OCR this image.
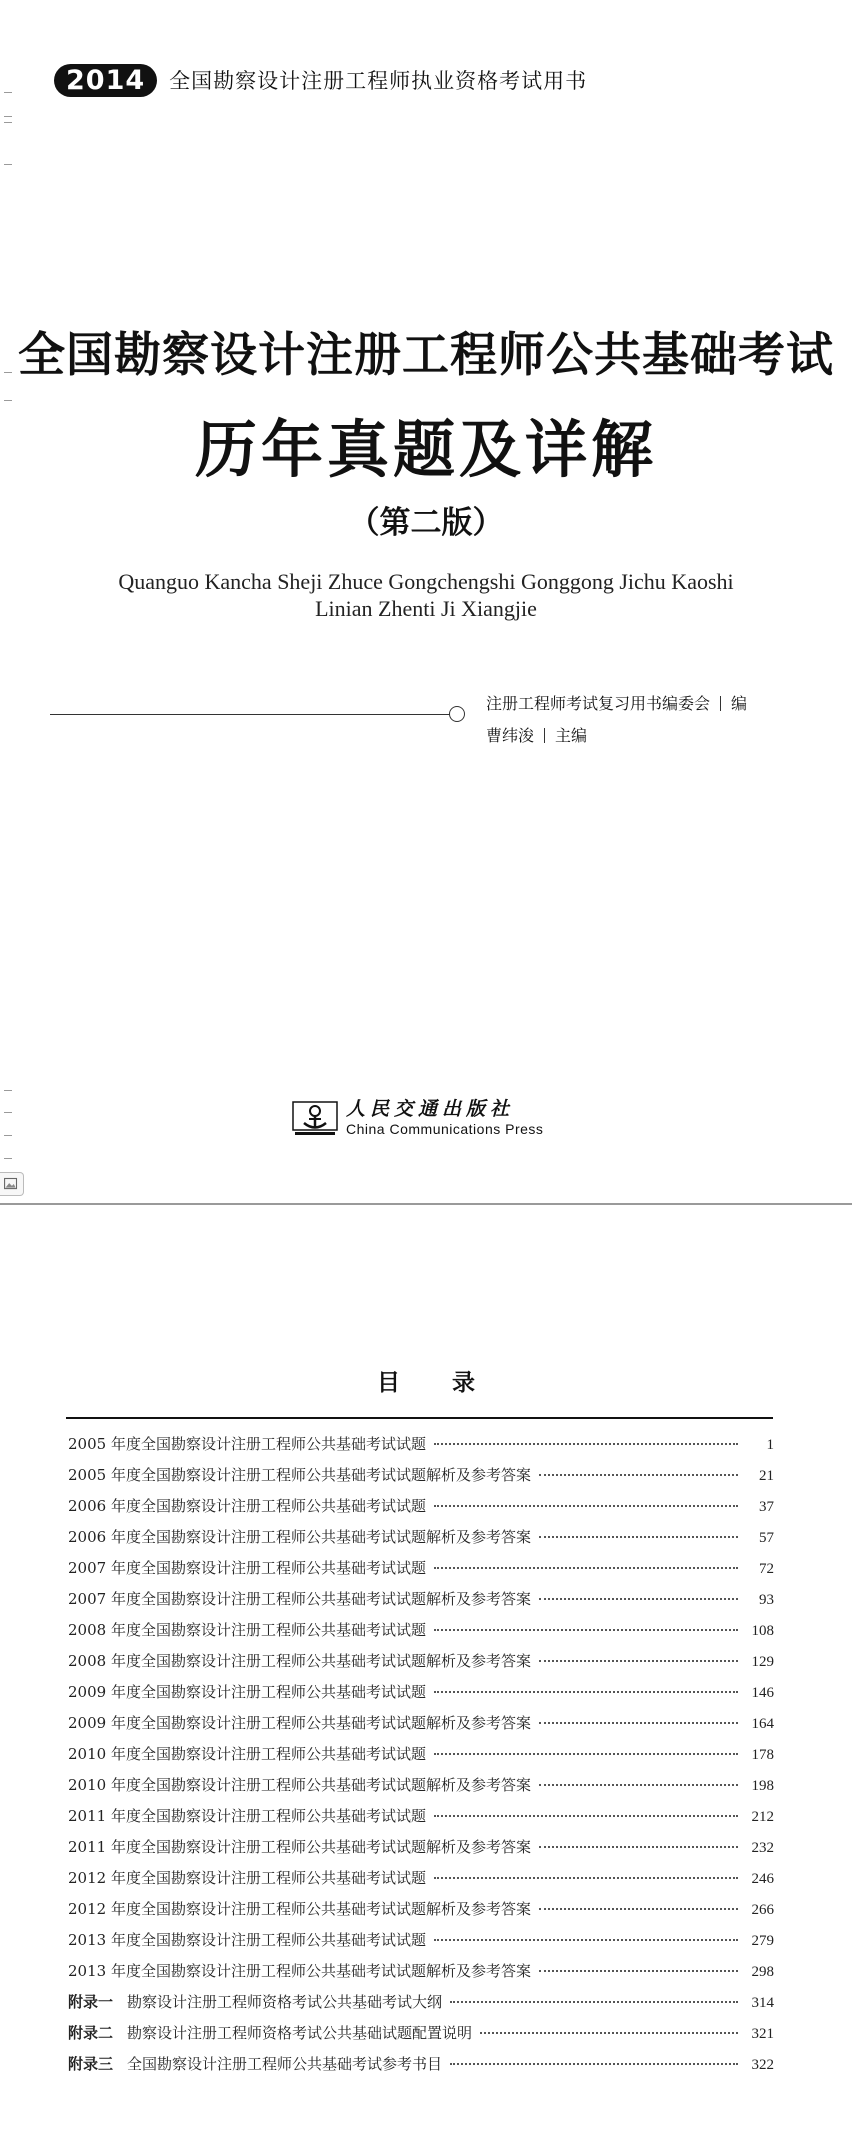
2014	全国勘察设计注册工程师执业资格考试用书
全国勘察设计注册工程师公共基础考试
历年真题及详解
（第二版）
Quanguo Kancha Sheji Zhuce Gongchengshi Gonggong Jichu Kaoshi
Linian Zhenti Ji Xiangjie
注册工程师考试复习用书编委会 编
曹纬浚 主编
人民交通出版社
China Communications Press
目录
2005 年度全国勘察设计注册工程师公共基础考试试题	1
2005 年度全国勘察设计注册工程师公共基础考试试题解析及参考答案	21
2006 年度全国勘察设计注册工程师公共基础考试试题	37
2006 年度全国勘察设计注册工程师公共基础考试试题解析及参考答案	57
2007 年度全国勘察设计注册工程师公共基础考试试题	72
2007 年度全国勘察设计注册工程师公共基础考试试题解析及参考答案	93
2008 年度全国勘察设计注册工程师公共基础考试试题	108
2008 年度全国勘察设计注册工程师公共基础考试试题解析及参考答案	129
2009 年度全国勘察设计注册工程师公共基础考试试题	146
2009 年度全国勘察设计注册工程师公共基础考试试题解析及参考答案	164
2010 年度全国勘察设计注册工程师公共基础考试试题	178
2010 年度全国勘察设计注册工程师公共基础考试试题解析及参考答案	198
2011 年度全国勘察设计注册工程师公共基础考试试题	212
2011 年度全国勘察设计注册工程师公共基础考试试题解析及参考答案	232
2012 年度全国勘察设计注册工程师公共基础考试试题	246
2012 年度全国勘察设计注册工程师公共基础考试试题解析及参考答案	266
2013 年度全国勘察设计注册工程师公共基础考试试题	279
2013 年度全国勘察设计注册工程师公共基础考试试题解析及参考答案	298
附录一 勘察设计注册工程师资格考试公共基础考试大纲	314
附录二 勘察设计注册工程师资格考试公共基础试题配置说明	321
附录三 全国勘察设计注册工程师公共基础考试参考书目	322
